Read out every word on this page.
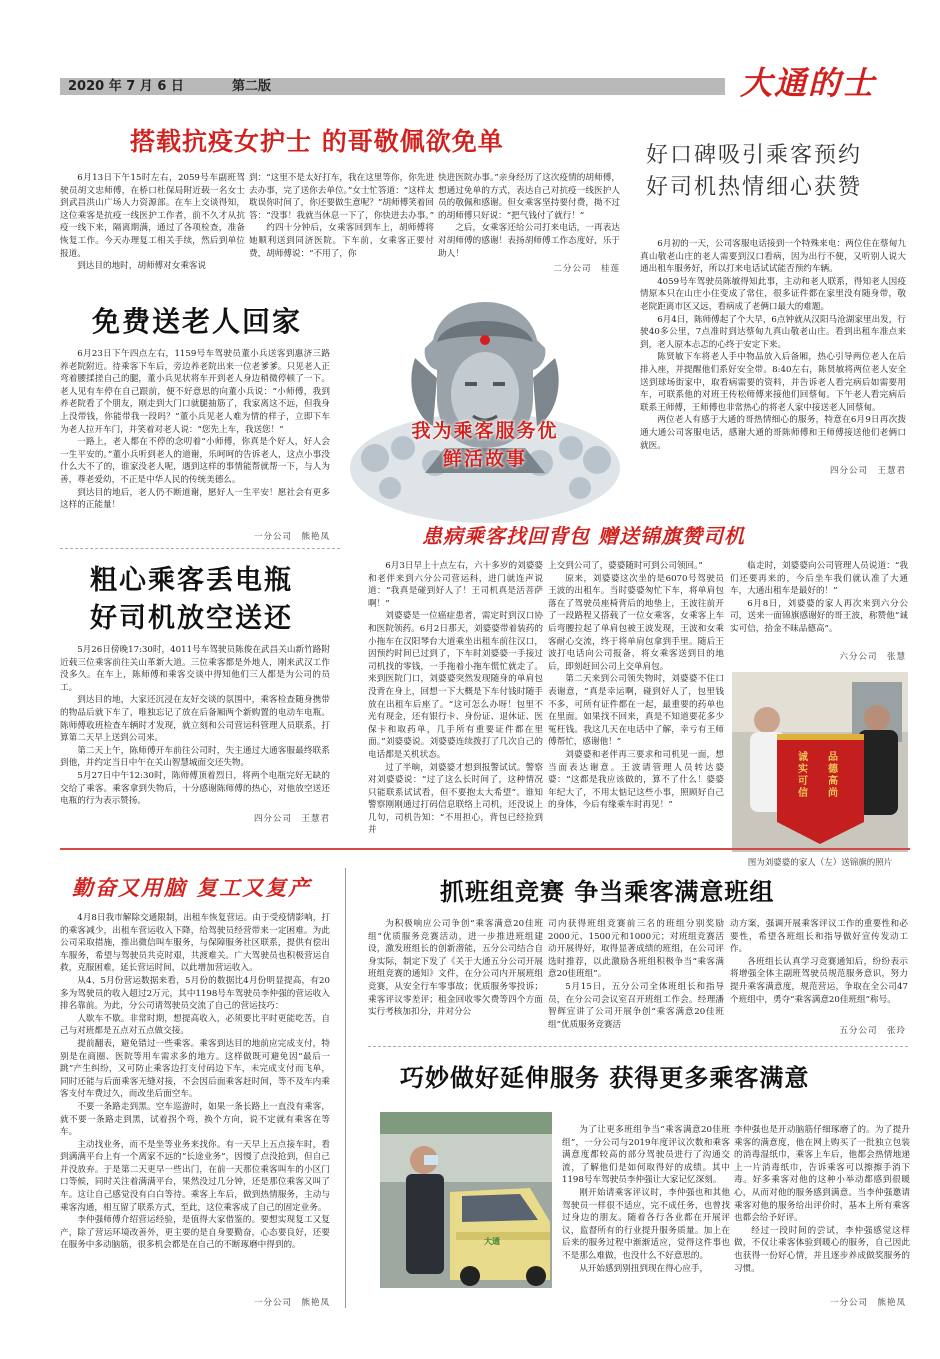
2020 年 7 月 6 日	第二版	大通的士
搭载抗疫女护士 的哥敬佩欲免单

6月13日下午15时左右，2059号车副班驾驶员胡文忠师傅，在桥口杜保局附近载一名女士到武昌洪山广场人力资源部。在车上交谈得知，这位乘客是抗疫一线医护工作者，前不久才从抗疫一线下来，隔离期满，通过了各项检查，准备恢复工作。今天办理复工相关手续，然后到单位报道。

到达目的地时，胡师傅对女乘客说

到：“这里不是太好打车，我在这里等你，你先进去办事，完了送你去单位。”女士忙答道：“这样太耽误你时间了，你还要做生意呢？”胡师傅笑着回答：“没事！我就当休息一下了，你快进去办事。”

约四十分钟后，女乘客回到车上，胡师傅将她顺利送到同济医院。下车前，女乘客正要付费，胡师傅说：“不用了，你

快进医院办事。”亲身经历了这次疫情的胡师傅，想通过免单的方式，表达自己对抗疫一线医护人员的敬佩和感谢。但女乘客坚持要付费，拗不过的胡师傅只好说：“把气钱付了就行！”

之后，女乘客还给公司打来电话，一再表达对胡师傅的感谢！表扬胡师傅工作态度好，乐于助人！

二分公司　桂莲
好口碑吸引乘客预约
好司机热情细心获赞

6月初的一天，公司客服电话接到一个特殊来电：两位住在蔡甸九真山敬老山庄的老人需要到汉口看病，因为出行不便，又听别人说大通出租车服务好，所以打来电话试试能否预约车辆。

4059号车驾驶员陈敏得知此事，主动和老人联系，得知老人因疫情原本只在山庄小住变成了常住，很多证件都在家里没有随身带，敬老院距离市区又远，看病成了老俩口最大的难题。

6月4日，陈师傅起了个大早，6点钟就从汉阳马沧湖家里出发，行驶40多公里，7点准时到达蔡甸九真山敬老山庄。看到出租车准点来到，老人原本忐忑的心终于安定下来。

陈贤敏下车将老人手中物品放入后备厢，热心引导两位老人在后排入座，并提醒他们系好安全带。8:40左右，陈贤敏将两位老人安全送到球场街家中，取看病需要的资料，并告诉老人看完病后如需要用车，可联系他的对班王传松师傅来接他们回蔡甸。下午老人看完病后联系王师傅，王师傅也非常热心的将老人家中接送老人回蔡甸。

两位老人有感于大通的哥热情细心的服务，特意在6月9日再次拨通大通公司客服电话，感谢大通的哥陈师傅和王师傅接送他们老俩口就医。

四分公司　王慧君
免费送老人回家

6月23日下午四点左右，1159号车驾驶员董小兵送客到惠济三路养老院附近。待乘客下车后，旁边养老院出来一位老爹爹。只见老人正弯着腰揉搓自己的腿，董小兵见状将车开到老人身边稍微停顿了一下。老人见有车停在自己跟前，便不好意思的向董小兵说：“小师傅，我到养老院看了个朋友，刚走到大门口就腿抽筋了，我家离这不远，但我身上没带钱，你能带我一段吗？”董小兵见老人难为情的样子，立即下车为老人拉开车门，并笑着对老人说：“您先上车，我送您！”

一路上，老人都在不停的念叨着“小师傅，你真是个好人，好人会一生平安的。”董小兵听到老人的道谢，乐呵呵的告诉老人，这点小事没什么大不了的，谁家没老人呢，遇到这样的事情能帮就帮一下，与人为善，尊老爱幼，不正是中华人民的传统美德么。

到达目的地后，老人仍不断道谢，愿好人一生平安！愿社会有更多这样的正能量！

一分公司　熊艳凤
我为乘客服务优
鲜活故事
粗心乘客丢电瓶
好司机放空送还

5月26日傍晚17:30时，4011号车驾驶员陈俊在武昌关山新竹路附近载三位乘客前往关山革新大道。三位乘客都是外地人，刚来武汉工作没多久。在车上，陈师傅和乘客交谈中得知他们三人都是为公司的员工。

到达目的地，大家还沉浸在友好交谈的氛围中，乘客检查随身携带的物品后就下车了，唯独忘记了放在后备厢两个新购置的电动车电瓶。陈师傅收班检查车辆时才发现，就立刻和公司营运科管理人员联系，打算第二天早上送到公司来。

第二天上午，陈师傅开车前往公司时，失主通过大通客服最终联系到他，并约定当日中午在关山智慧城面交还失物。

5月27日中午12:30时，陈师傅顶着烈日，将两个电瓶完好无缺的交给了乘客。乘客拿到失物后，十分感谢陈师傅的热心，对他放空送还电瓶的行为表示赞扬。

四分公司　王慧君
患病乘客找回背包 赠送锦旗赞司机

6月3日早上十点左右，六十多岁的刘婆婆和老伴来到六分公司营运科，进门就连声说道：“我真是碰到好人了！王司机真是活菩萨啊！”

刘婆婆是一位癌症患者，需定时到汉口协和医院领药。6月2日那天，刘婆婆带着装药的小拖车在汉阳琴台大道乘坐出租车前往汉口，因预约时间已过到了，下车时刘婆婆一手接过司机找的零钱，一手拖着小拖车慌忙就走了。来到医院门口，刘婆婆突然发现随身的单肩包没背在身上，回想一下大概是下车付钱时随手放在出租车后座了。“这可怎么办呀！包里不光有现金，还有银行卡、身份证、退休证、医保卡和取药单，几手所有重要证件都在里面。”刘婆婆说。刘婆婆连续拨打了几次自己的电话都是关机状态。

过了半晌，刘婆婆才想到报警试试。警察对刘婆婆说：“过了这么长时间了，这种情况只能联系试试看，但不要抱太大希望”。谁知警察刚刚通过打码信息联络上司机，还没说上几句，司机告知：“不用担心，背包已经捡到并

上交到公司了，婆婆随时可到公司领回。”

原来，刘婆婆这次坐的是6070号驾驶员王波的出租车。当时婆婆匆忙下车，将单肩包落在了驾驶员座椅背后的地垫上，王波往前开了一段路程又搭载了一位女乘客，女乘客上车后弯腰拉起了单肩包被王波发现，王波和女乘客耐心交流，终于将单肩包拿到手里。随后王波打电话向公司报备，将女乘客送到目的地后，即刻赶回公司上交单肩包。

第二天来到公司领失物时，刘婆婆不住口表谢意，“真是幸运啊，碰到好人了，包里钱不多，可所有证件都在一起，最重要的药单也在里面。如果找不回来，真是不知道要花多少冤枉钱。我这几天在电话中了解，幸亏有王师傅帮忙，感谢他！”

刘婆婆和老伴再三要求和司机见一面，想当面表达谢意。王波请管理人员转达婆婆：“这都是我应该做的，算不了什么！婆婆年纪大了，不用太惦记这些小事，照顾好自己的身体，今后有缘乘车时再见！”

临走时，刘婆婆向公司管理人员说道：“我们还要再来的，今后坐车我们就认准了大通车，大通出租车是最好的！”

6月8日，刘婆婆的家人再次来到六分公司，送来一面锦旗感谢好的哥王波，称赞他“诚实可信，拾金不昧品德高”。

六分公司　张慧
诚实可信
品德高尚
图为刘婆婆的家人（左）送锦旗的照片
勤奋又用脑 复工又复产

4月8日我市解除交通限制，出租车恢复营运。由于受疫情影响，打的乘客减少，出租车营运收入下降，给驾驶员经营带来一定困难。为此公司采取措施，推出微信叫车服务，与保障服务社区联系，提供有偿出车服务，希望与驾驶员共克时艰，共渡难关。广大驾驶员也积极营运自救，克服困难，延长营运时间，以此增加营运收入。

从4、5月份营运数据来看，5月份的数据比4月份明显提高，有20多为驾驶员的收入超过2万元，其中1198号车驾驶员李仲强的营运收入排名靠前。为此，分公司请驾驶员交流了自己的营运技巧：

人歇车不歇。非常时期，想提高收入，必须要比平时更能吃苦，自己与对班都是五点对五点做交接。

提前翻表，避免错过一些乘客。乘客到达目的地前应完成支付，特别是在商圈、医院等用车需求多的地方。这样做既可避免因“最后一跳”产生纠纷，又可防止乘客边打支付码边下车，未完成支付而飞单，同时还能与后面乘客无缝对接，不会因后面乘客赶时间，等不及车内乘客支付车费过久，而改坐后面空车。

不要一条路走到黑。空车巡游时，如果一条长路上一直没有乘客，就不要一条路走到黑，试着拐个弯，换个方向，说不定就有乘客在等车。

主动找业务，而不是坐等业务来找你。有一天早上五点接车时，看到满满平台上有一个离家不远的“长途业务”，因慢了点没抢到，但自己并没放弃。于是第二天更早一些出门，在前一天那位乘客叫车的小区门口等候，同时关注着满满平台，果然没过几分钟，还是那位乘客又叫了车。这让自己感觉没有白白等待。乘客上车后，做到热情服务，主动与乘客沟通，相互留了联系方式，至此，这位乘客成了自己的固定业务。

李仲强师傅介绍营运经验，是值得大家借鉴的。要想实现复工又复产，除了营运环境改善外，更主要的是自身要勤奋，心态要良好，还要在服务中多动脑筋，很多机会都是在自己的不断琢磨中得到的。

一分公司　熊艳凤
抓班组竞赛 争当乘客满意班组

为积极响应公司争创“乘客满意20佳班组”优质服务竞赛活动，进一步推进班组建设，激发班组长的创新潜能，五分公司结合自身实际，制定下发了《关于大通五分公司开展班组竞赛的通知》文件，在分公司内开展班组竞赛，从安全行车零事故；优质服务零投诉；乘客评议零差评；租金回收零欠费等四个方面实行考核加扣分，并对分公

司内获得班组竞赛前三名的班组分别奖励2000元、1500元和1000元；对班组竞赛活动开展得好，取得显著成绩的班组，在公司评选时推荐，以此激励各班组积极争当“乘客满意20佳班组”。

5月15日，五分公司全体班组长和指导员，在分公司会议室召开班组工作会。经理潘智辉宣讲了公司开展争创“乘客满意20佳班组”优质服务竞赛活

动方案，强调开展乘客评议工作的重要性和必要性，希望各班组长和指导做好宣传发动工作。

各班组长认真学习竞赛通知后，纷纷表示将增强全体主副班驾驶员规范服务意识，努力提升乘客满意度，规范营运，争取在全公司47个班组中，勇夺“乘客满意20佳班组”称号。

五分公司　张玲
巧妙做好延伸服务 获得更多乘客满意
大通

为了让更多班组争当“乘客满意20佳班组”，一分公司与2019年度评议次数和乘客满意度都较高的部分驾驶员进行了沟通交流，了解他们是如何取得好的成绩。其中1198号车驾驶员李仲强让大家记忆深刻。

刚开始请乘客评议时，李仲强也和其他驾驶员一样很不适应，完不成任务，也曾找过身边的朋友。随着各行各业都在开展评议，监督所有的行业提升服务质量。加上在后来的服务过程中渐渐适应，觉得这件事也不是那么难做，也没什么不好意思的。

从开始感到别扭到现在得心应手，

李仲强也是开动脑筋仔细琢磨了的。为了提升乘客的满意度，他在网上购买了一批独立包装的消毒湿纸巾，乘客上车后，他都会热情地递上一片消毒纸巾，告诉乘客可以擦擦手消下毒。好多乘客对他的这种小举动都感到很暖心，从而对他的服务感到满意。当李仲强邀请乘客对他的服务给出评价时，基本上所有乘客也都会给予好评。

经过一段时间的尝试，李仲强感觉这样做，不仅让乘客体验到暖心的服务，自己因此也获得一份好心情，并且逐步养成做奖服务的习惯。

一分公司　熊艳凤
